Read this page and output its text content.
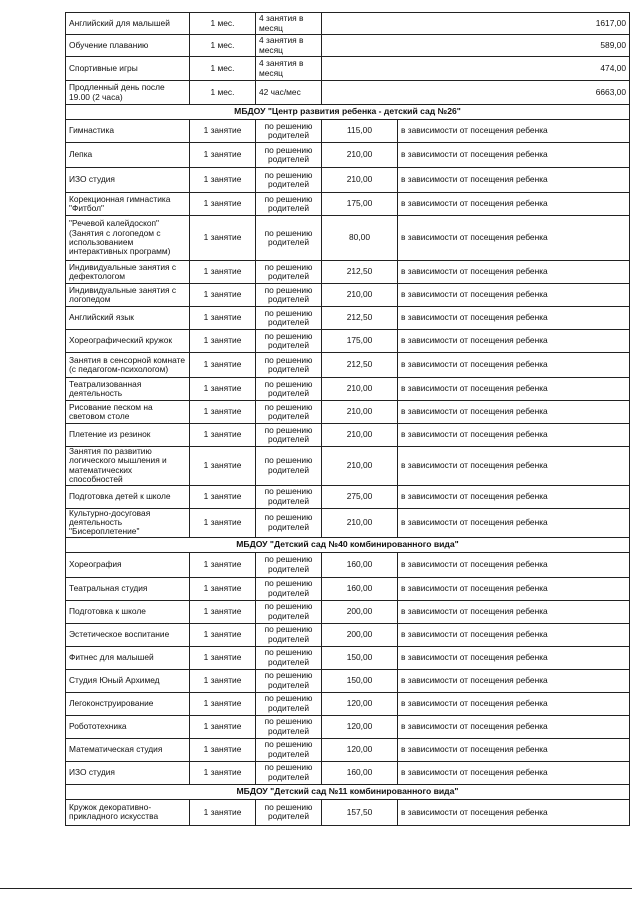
Английский для малышей	1 мес.	4 занятия в месяц	1617,00	
Обучение плаванию	1 мес.	4 занятия в месяц	589,00	
Спортивные игры	1 мес.	4 занятия в месяц	474,00	
Продленный день после 19.00 (2 часа)	1 мес.	42 час/мес	6663,00	
МБДОУ "Центр развития ребенка - детский сад №26"				
Гимнастика	1 занятие	по решению родителей	115,00	в зависимости от посещения ребенка
Лепка	1 занятие	по решению родителей	210,00	в зависимости от посещения ребенка
ИЗО студия	1 занятие	по решению родителей	210,00	в зависимости от посещения ребенка
Корекционная гимнастика "Фитбол"	1 занятие	по решению родителей	175,00	в зависимости от посещения ребенка
"Речевой калейдоскоп" (Занятия с логопедом с использованием интерактивных программ)	1 занятие	по решению родителей	80,00	в зависимости от посещения ребенка
Индивидуальные занятия с дефектологом	1 занятие	по решению родителей	212,50	в зависимости от посещения ребенка
Индивидуальные занятия с логопедом	1 занятие	по решению родителей	210,00	в зависимости от посещения ребенка
Английский язык	1 занятие	по решению родителей	212,50	в зависимости от посещения ребенка
Хореографический кружок	1 занятие	по решению родителей	175,00	в зависимости от посещения ребенка
Занятия в сенсорной комнате (с педагогом-психологом)	1 занятие	по решению родителей	212,50	в зависимости от посещения ребенка
Театрализованная деятельность	1 занятие	по решению родителей	210,00	в зависимости от посещения ребенка
Рисование песком на световом столе	1 занятие	по решению родителей	210,00	в зависимости от посещения ребенка
Плетение из резинок	1 занятие	по решению родителей	210,00	в зависимости от посещения ребенка
Занятия по развитию логического мышления и математических способностей	1 занятие	по решению родителей	210,00	в зависимости от посещения ребенка
Подготовка детей к школе	1 занятие	по решению родителей	275,00	в зависимости от посещения ребенка
Культурно-досуговая деятельность "Бисероплетение"	1 занятие	по решению родителей	210,00	в зависимости от посещения ребенка
МБДОУ "Детский сад №40 комбинированного вида"				
Хореография	1 занятие	по решению родителей	160,00	в зависимости от посещения ребенка
Театральная студия	1 занятие	по решению родителей	160,00	в зависимости от посещения ребенка
Подготовка к школе	1 занятие	по решению родителей	200,00	в зависимости от посещения ребенка
Эстетическое воспитание	1 занятие	по решению родителей	200,00	в зависимости от посещения ребенка
Фитнес для малышей	1 занятие	по решению родителей	150,00	в зависимости от посещения ребенка
Студия Юный Архимед	1 занятие	по решению родителей	150,00	в зависимости от посещения ребенка
Легоконструирование	1 занятие	по решению родителей	120,00	в зависимости от посещения ребенка
Робототехника	1 занятие	по решению родителей	120,00	в зависимости от посещения ребенка
Математическая студия	1 занятие	по решению родителей	120,00	в зависимости от посещения ребенка
ИЗО студия	1 занятие	по решению родителей	160,00	в зависимости от посещения ребенка
МБДОУ "Детский сад №11 комбинированного вида"				
Кружок декоративно-прикладного искусства	1 занятие	по решению родителей	157,50	в зависимости от посещения ребенка
